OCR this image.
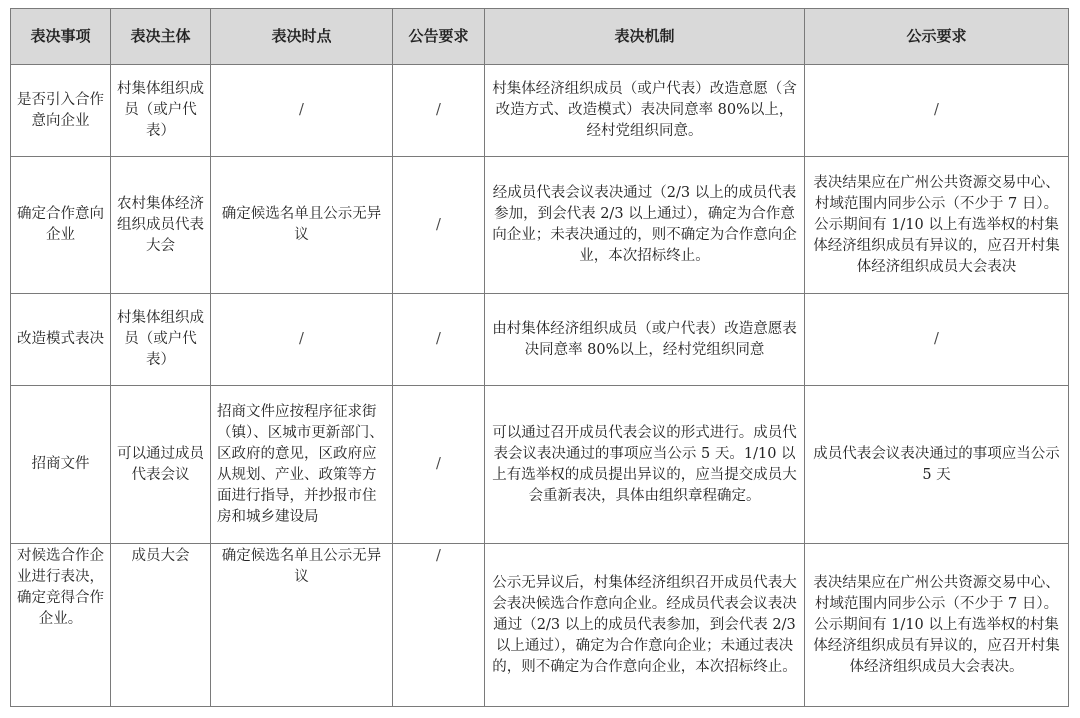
表决事项	表决主体	表决时点	公告要求	表决机制	公示要求
是否引入合作意向企业	村集体组织成员（或户代表）	/	/	村集体经济组织成员（或户代表）改造意愿（含改造方式、改造模式）表决同意率 80%以上，经村党组织同意。	/
确定合作意向企业	农村集体经济组织成员代表大会	确定候选名单且公示无异议	/	经成员代表会议表决通过（2/3 以上的成员代表参加，到会代表 2/3 以上通过），确定为合作意向企业；未表决通过的，则不确定为合作意向企业，本次招标终止。	表决结果应在广州公共资源交易中心、村域范围内同步公示（不少于 7 日）。公示期间有 1/10 以上有选举权的村集体经济组织成员有异议的，应召开村集体经济组织成员大会表决
改造模式表决	村集体组织成员（或户代表）	/	/	由村集体经济组织成员（或户代表）改造意愿表决同意率 80%以上，经村党组织同意	/
招商文件	可以通过成员代表会议	招商文件应按程序征求街（镇）、区城市更新部门、区政府的意见，区政府应从规划、产业、政策等方面进行指导，并抄报市住房和城乡建设局	/	可以通过召开成员代表会议的形式进行。成员代表会议表决通过的事项应当公示 5 天。1/10 以上有选举权的成员提出异议的，应当提交成员大会重新表决，具体由组织章程确定。	成员代表会议表决通过的事项应当公示 5 天
对候选合作企业进行表决，确定竞得合作企业。	成员大会	确定候选名单且公示无异议	/	公示无异议后，村集体经济组织召开成员代表大会表决候选合作意向企业。经成员代表会议表决通过（2/3 以上的成员代表参加，到会代表 2/3 以上通过），确定为合作意向企业；未通过表决的，则不确定为合作意向企业，本次招标终止。	表决结果应在广州公共资源交易中心、村域范围内同步公示（不少于 7 日）。公示期间有 1/10 以上有选举权的村集体经济组织成员有异议的，应召开村集体经济组织成员大会表决。
